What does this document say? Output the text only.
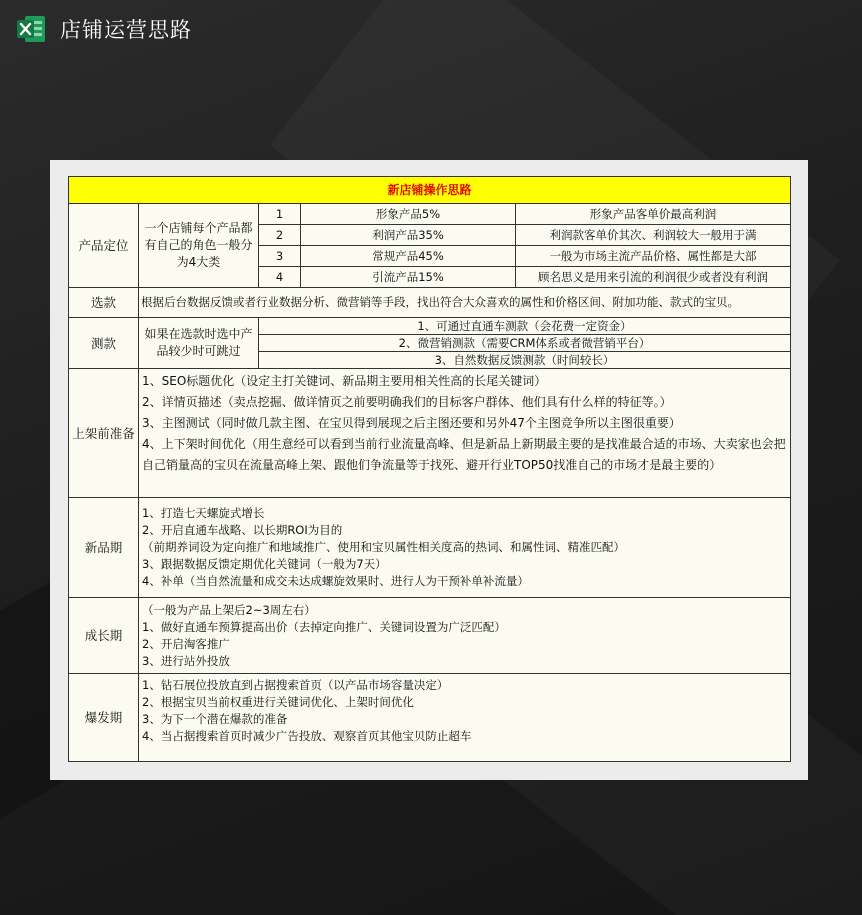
店铺运营思路
新店铺操作思路				
产品定位	一个店铺每个产品都有自己的角色一般分为4大类	1	形象产品5%	形象产品客单价最高利润
		2	利润产品35%	利润款客单价其次、利润较大一般用于满
		3	常规产品45%	一般为市场主流产品价格、属性都是大部
		4	引流产品15%	顾名思义是用来引流的利润很少或者没有利润
选款	根据后台数据反馈或者行业数据分析、微营销等手段，找出符合大众喜欢的属性和价格区间、附加功能、款式的宝贝。			
测款	如果在选款时选中产品较少时可跳过	1、可通过直通车测款（会花费一定资金）		
		2、微营销测款（需要CRM体系或者微营销平台）		
		3、自然数据反馈测款（时间较长）		
上架前准备	1、SEO标题优化（设定主打关键词、新品期主要用相关性高的长尾关键词）
2、详情页描述（卖点挖掘、做详情页之前要明确我们的目标客户群体、他们具有什么样的特征等。）
3、主图测试（同时做几款主图、在宝贝得到展现之后主图还要和另外47个主图竞争所以主图很重要）
4、上下架时间优化（用生意经可以看到当前行业流量高峰、但是新品上新期最主要的是找准最合适的市场、大卖家也会把自己销量高的宝贝在流量高峰上架、跟他们争流量等于找死、避开行业TOP50找准自己的市场才是最主要的）			

新品期	1、打造七天螺旋式增长
2、开启直通车战略、以长期ROI为目的
（前期养词设为定向推广和地域推广、使用和宝贝属性相关度高的热词、和属性词、精准匹配）
3、跟据数据反馈定期优化关键词（一般为7天）
4、补单（当自然流量和成交未达成螺旋效果时、进行人为干预补单补流量）			

成长期	（一般为产品上架后2~3周左右）
1、做好直通车预算提高出价（去掉定向推广、关键词设置为广泛匹配）
2、开启淘客推广
3、进行站外投放			

爆发期	1、钻石展位投放直到占据搜索首页（以产品市场容量决定）
2、根据宝贝当前权重进行关键词优化、上架时间优化
3、为下一个潜在爆款的准备
4、当占据搜索首页时减少广告投放、观察首页其他宝贝防止超车			
